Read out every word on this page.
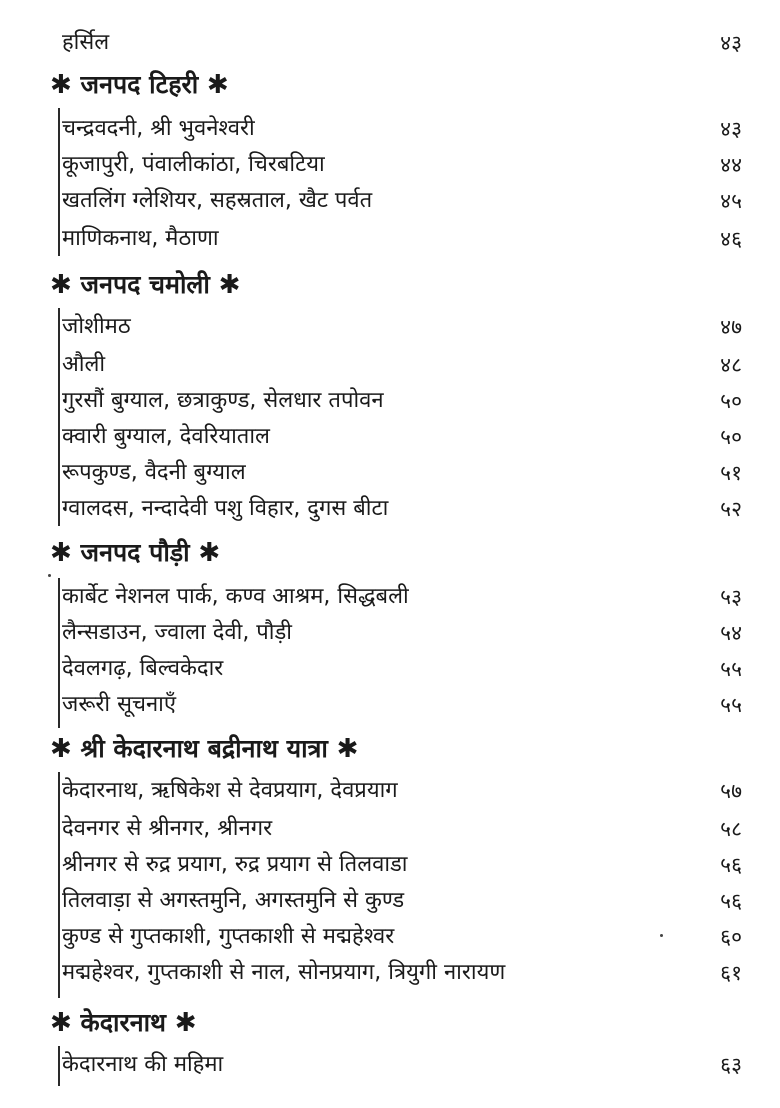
हर्सिल	४३
✱ जनपद टिहरी ✱
चन्द्रवदनी, श्री भुवनेश्वरी	४३
कूजापुरी, पंवालीकांठा, चिरबटिया	४४
खतलिंग ग्लेशियर, सहस्रताल, खैट पर्वत	४५
माणिकनाथ, मैठाणा	४६
✱ जनपद चमोली ✱
जोशीमठ	४७
औली	४८
गुरसौं बुग्याल, छत्राकुण्ड, सेलधार तपोवन	५०
क्वारी बुग्याल, देवरियाताल	५०
रूपकुण्ड, वैदनी बुग्याल	५१
ग्वालदस, नन्दादेवी पशु विहार, दुगस बीटा	५२
✱ जनपद पौड़ी ✱
कार्बेट नेशनल पार्क, कण्व आश्रम, सिद्धबली	५३
लैन्सडाउन, ज्वाला देवी, पौड़ी	५४
देवलगढ़, बिल्वकेदार	५५
जरूरी सूचनाएँ	५५
✱ श्री केदारनाथ बद्रीनाथ यात्रा ✱
केदारनाथ, ऋषिकेश से देवप्रयाग, देवप्रयाग	५७
देवनगर से श्रीनगर, श्रीनगर	५८
श्रीनगर से रुद्र प्रयाग, रुद्र प्रयाग से तिलवाडा	५६
तिलवाड़ा से अगस्तमुनि, अगस्तमुनि से कुण्ड	५६
कुण्ड से गुप्तकाशी, गुप्तकाशी से मद्महेश्वर	६०
मद्महेश्वर, गुप्तकाशी से नाल, सोनप्रयाग, त्रियुगी नारायण	६१
✱ केदारनाथ ✱
केदारनाथ की महिमा	६३
